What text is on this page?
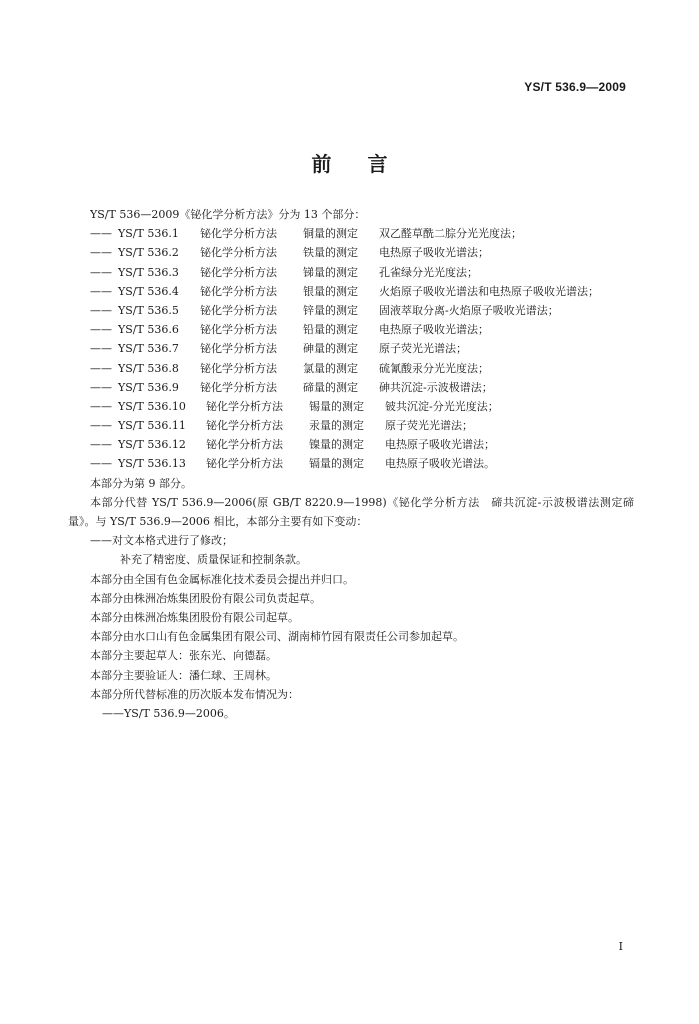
YS/T 536.9—2009
前言
YS/T 536—2009《铋化学分析方法》分为 13 个部分：
—— YS/T 536.1	铋化学分析方法	铜量的测定	双乙醛草酰二腙分光光度法；
—— YS/T 536.2	铋化学分析方法	铁量的测定	电热原子吸收光谱法；
—— YS/T 536.3	铋化学分析方法	锑量的测定	孔雀绿分光光度法；
—— YS/T 536.4	铋化学分析方法	银量的测定	火焰原子吸收光谱法和电热原子吸收光谱法；
—— YS/T 536.5	铋化学分析方法	锌量的测定	固液萃取分离-火焰原子吸收光谱法；
—— YS/T 536.6	铋化学分析方法	铅量的测定	电热原子吸收光谱法；
—— YS/T 536.7	铋化学分析方法	砷量的测定	原子荧光光谱法；
—— YS/T 536.8	铋化学分析方法	氯量的测定	硫氰酸汞分光光度法；
—— YS/T 536.9	铋化学分析方法	碲量的测定	砷共沉淀-示波极谱法；
—— YS/T 536.10	铋化学分析方法	锡量的测定	铍共沉淀-分光光度法；
—— YS/T 536.11	铋化学分析方法	汞量的测定	原子荧光光谱法；
—— YS/T 536.12	铋化学分析方法	镍量的测定	电热原子吸收光谱法；
—— YS/T 536.13	铋化学分析方法	镉量的测定	电热原子吸收光谱法。
本部分为第 9 部分。
本部分代替 YS/T 536.9—2006(原 GB/T 8220.9—1998)《铋化学分析方法　碲共沉淀-示波极谱法测定碲量》。与 YS/T 536.9—2006 相比，本部分主要有如下变动：
——对文本格式进行了修改；
补充了精密度、质量保证和控制条款。
本部分由全国有色金属标准化技术委员会提出并归口。
本部分由株洲冶炼集团股份有限公司负责起草。
本部分由株洲冶炼集团股份有限公司起草。
本部分由水口山有色金属集团有限公司、湖南柿竹园有限责任公司参加起草。
本部分主要起草人：张东光、向德磊。
本部分主要验证人：潘仁球、王周林。
本部分所代替标准的历次版本发布情况为：
——YS/T 536.9—2006。
I
